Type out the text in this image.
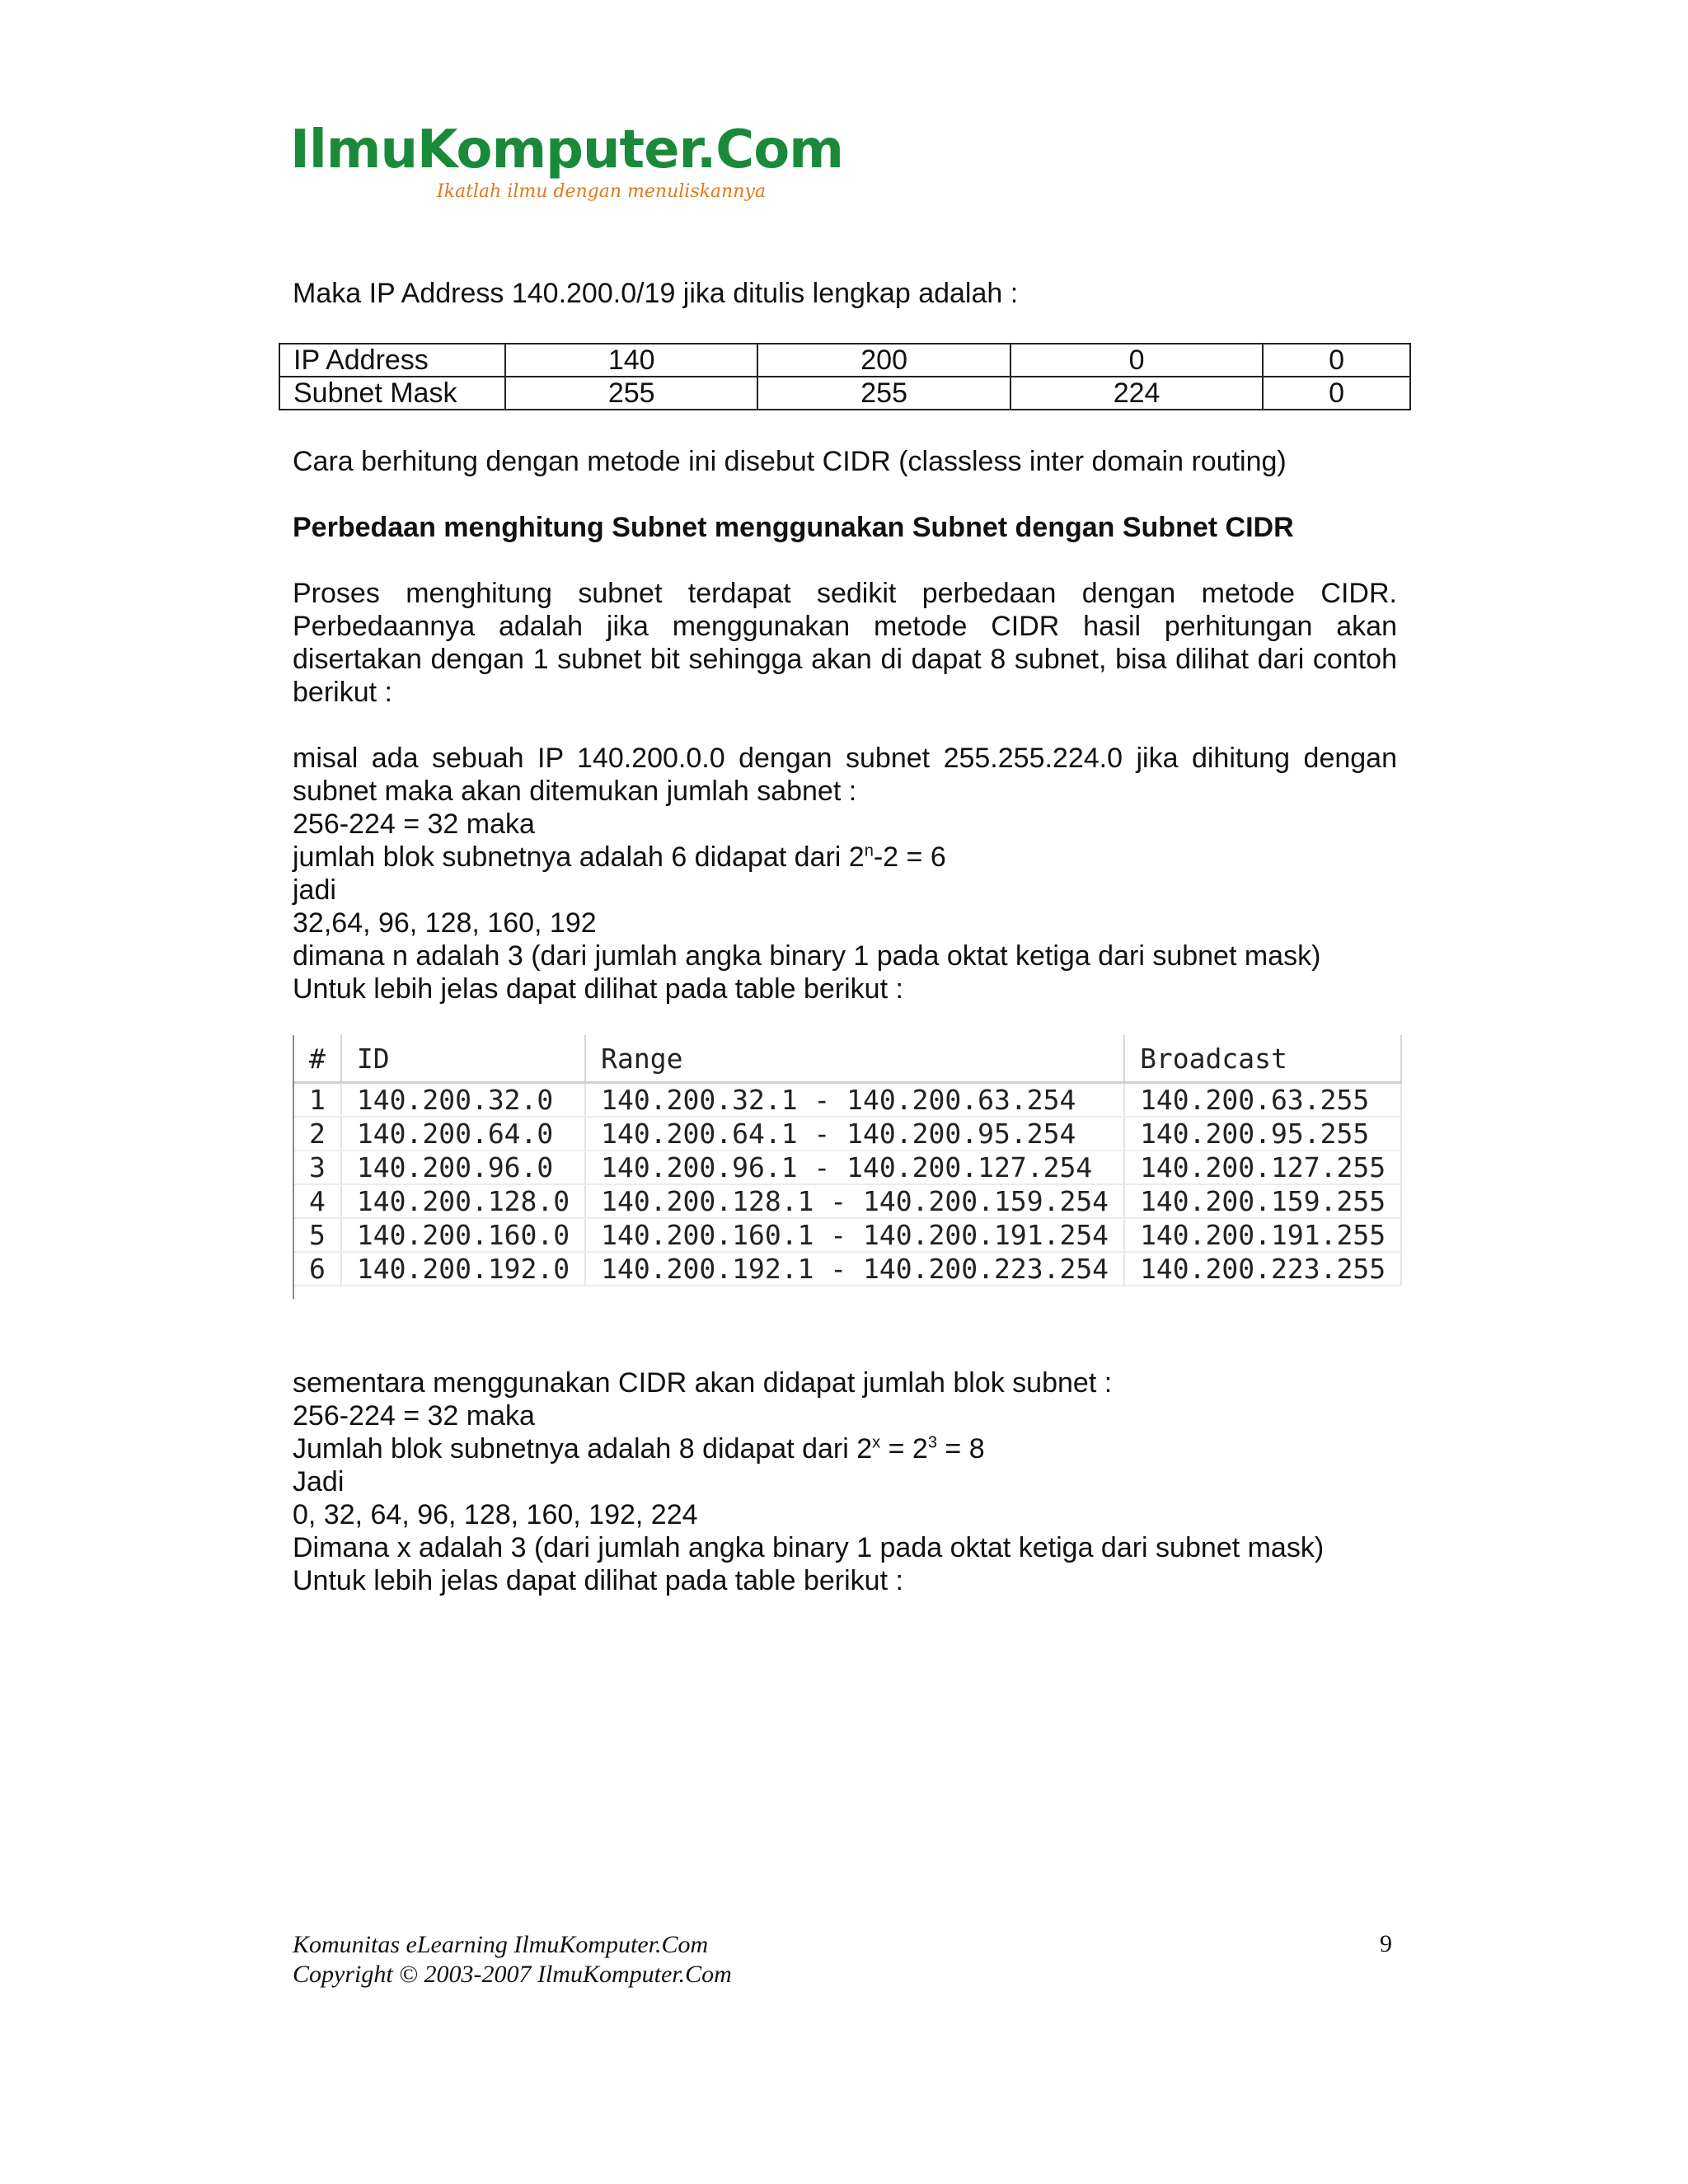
IlmuKomputer.Com
Ikatlah ilmu dengan menuliskannya

Maka IP Address 140.200.0/19 jika ditulis lengkap adalah :

IP Address	140	200	0	0
Subnet Mask	255	255	224	0

Cara berhitung dengan metode ini disebut CIDR (classless inter domain routing)

Perbedaan menghitung Subnet menggunakan Subnet dengan Subnet CIDR

Proses menghitung subnet terdapat sedikit perbedaan dengan metode CIDR. Perbedaannya adalah jika menggunakan metode CIDR hasil perhitungan akan disertakan dengan 1 subnet bit sehingga akan di dapat 8 subnet, bisa dilihat dari contoh berikut :

misal ada sebuah IP 140.200.0.0 dengan subnet 255.255.224.0 jika dihitung dengan subnet maka akan ditemukan jumlah sabnet :

256-224 = 32 maka

jumlah blok subnetnya adalah 6 didapat dari $2^n-2 = 6$

jadi

32,64, 96, 128, 160, 192

dimana n adalah 3 (dari jumlah angka binary 1 pada oktat ketiga dari subnet mask)

Untuk lebih jelas dapat dilihat pada table berikut :

#	ID	Range	Broadcast
1	140.200.32.0	140.200.32.1 - 140.200.63.254	140.200.63.255
2	140.200.64.0	140.200.64.1 - 140.200.95.254	140.200.95.255
3	140.200.96.0	140.200.96.1 - 140.200.127.254	140.200.127.255
4	140.200.128.0	140.200.128.1 - 140.200.159.254	140.200.159.255
5	140.200.160.0	140.200.160.1 - 140.200.191.254	140.200.191.255
6	140.200.192.0	140.200.192.1 - 140.200.223.254	140.200.223.255

sementara menggunakan CIDR akan didapat jumlah blok subnet :

256-224 = 32 maka

Jumlah blok subnetnya adalah 8 didapat dari $2^x = 2^3 = 8$

Jadi

0, 32, 64, 96, 128, 160, 192, 224

Dimana x adalah 3 (dari jumlah angka binary 1 pada oktat ketiga dari subnet mask)

Untuk lebih jelas dapat dilihat pada table berikut :

Komunitas eLearning IlmuKomputer.Com
Copyright © 2003-2007 IlmuKomputer.Com
9
